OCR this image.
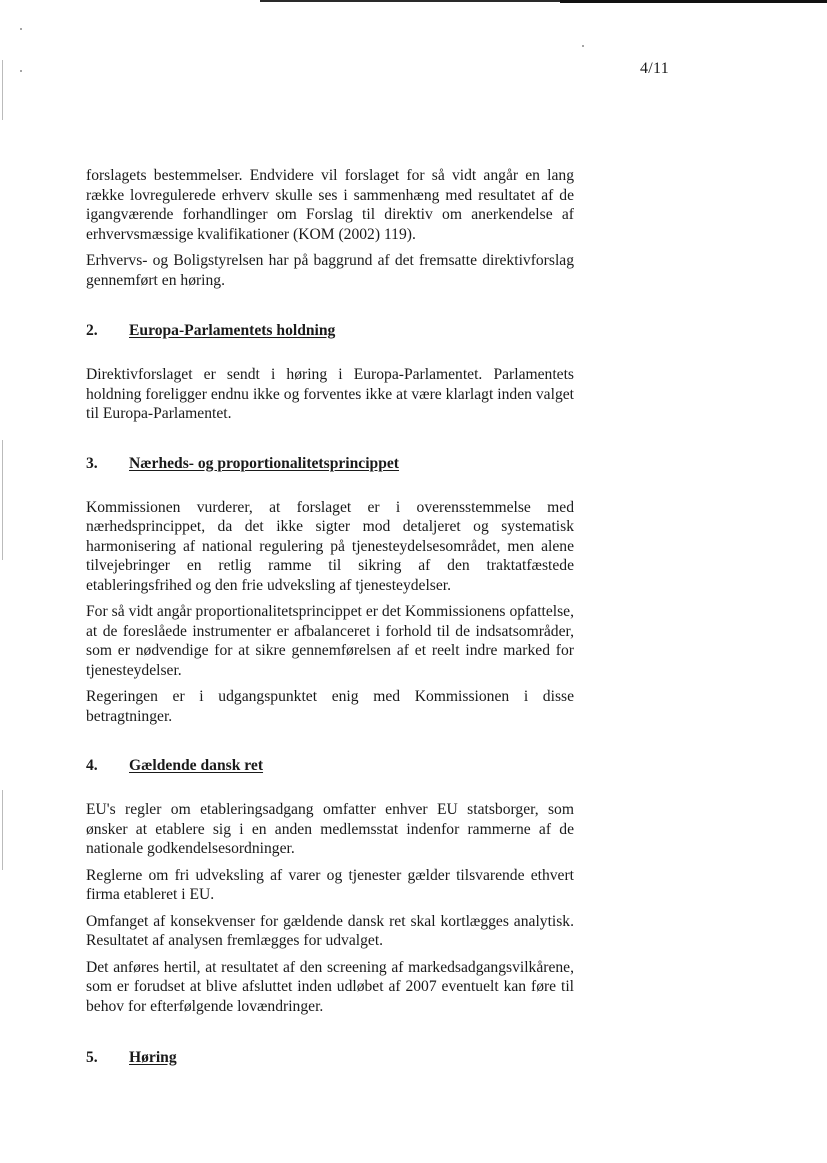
4/11

forslagets bestemmelser. Endvidere vil forslaget for så vidt angår en lang række lovregulerede erhverv skulle ses i sammenhæng med resultatet af de igangværende forhandlinger om Forslag til direktiv om anerkendelse af erhvervsmæssige kvalifikationer (KOM (2002) 119).

Erhvervs- og Boligstyrelsen har på baggrund af det fremsatte direktivforslag gennemført en høring.

2. Europa-Parlamentets holdning

Direktivforslaget er sendt i høring i Europa-Parlamentet. Parlamentets holdning foreligger endnu ikke og forventes ikke at være klarlagt inden valget til Europa-Parlamentet.

3. Nærheds- og proportionalitetsprincippet

Kommissionen vurderer, at forslaget er i overensstemmelse med nærhedsprincippet, da det ikke sigter mod detaljeret og systematisk harmonisering af national regulering på tjenesteydelsesområdet, men alene tilvejebringer en retlig ramme til sikring af den traktatfæstede etableringsfrihed og den frie udveksling af tjenesteydelser.

For så vidt angår proportionalitetsprincippet er det Kommissionens opfattelse, at de foreslåede instrumenter er afbalanceret i forhold til de indsatsområder, som er nødvendige for at sikre gennemførelsen af et reelt indre marked for tjenesteydelser.

Regeringen er i udgangspunktet enig med Kommissionen i disse betragtninger.

4. Gældende dansk ret

EU's regler om etableringsadgang omfatter enhver EU statsborger, som ønsker at etablere sig i en anden medlemsstat indenfor rammerne af de nationale godkendelsesordninger.

Reglerne om fri udveksling af varer og tjenester gælder tilsvarende ethvert firma etableret i EU.

Omfanget af konsekvenser for gældende dansk ret skal kortlægges analytisk. Resultatet af analysen fremlægges for udvalget.

Det anføres hertil, at resultatet af den screening af markedsadgangsvilkårene, som er forudset at blive afsluttet inden udløbet af 2007 eventuelt kan føre til behov for efterfølgende lovændringer.

5. Høring
